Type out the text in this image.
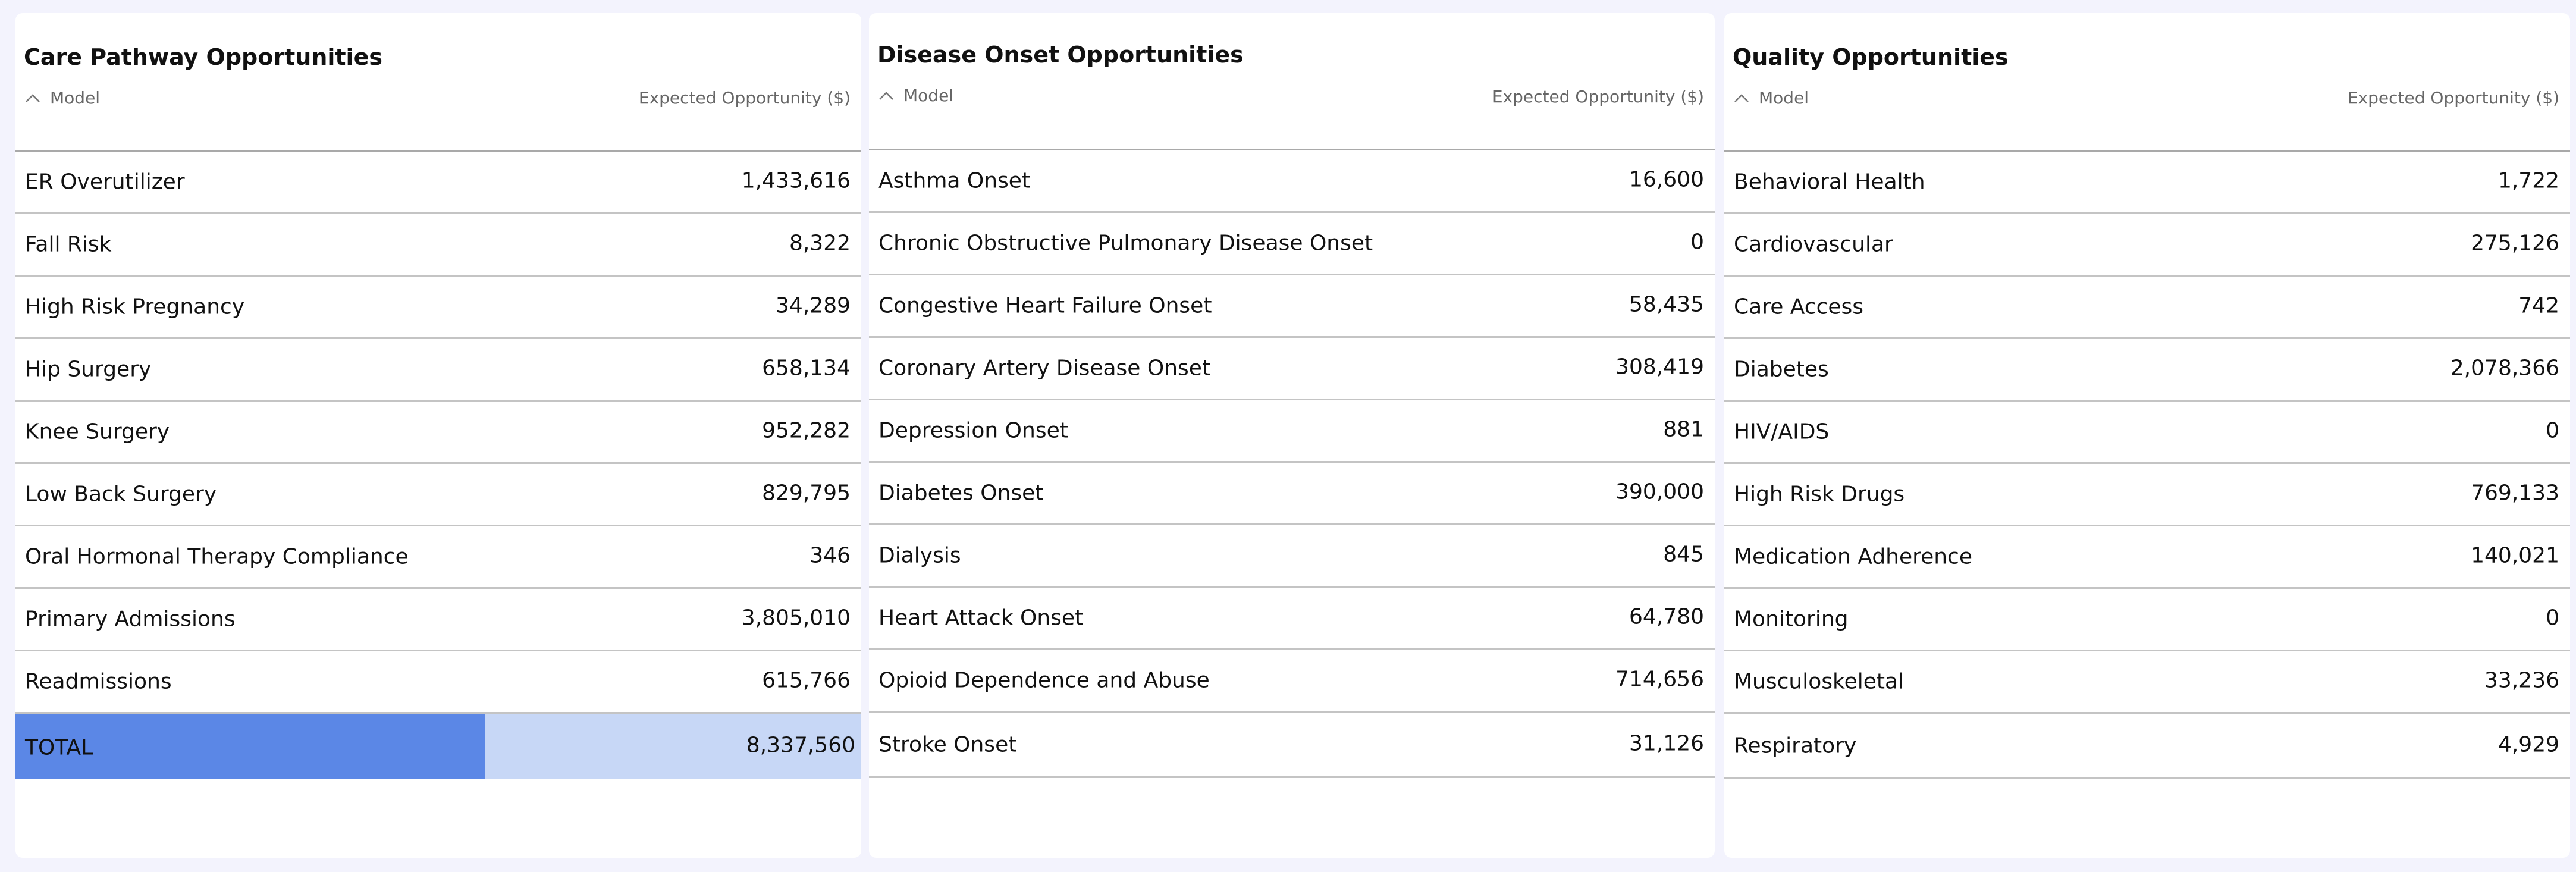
Care Pathway Opportunities
Model	Expected Opportunity ($)
ER Overutilizer	1,433,616
Fall Risk	8,322
High Risk Pregnancy	34,289
Hip Surgery	658,134
Knee Surgery	952,282
Low Back Surgery	829,795
Oral Hormonal Therapy Compliance	346
Primary Admissions	3,805,010
Readmissions	615,766
TOTAL	8,337,560
Disease Onset Opportunities
Model	Expected Opportunity ($)
Asthma Onset	16,600
Chronic Obstructive Pulmonary Disease Onset	0
Congestive Heart Failure Onset	58,435
Coronary Artery Disease Onset	308,419
Depression Onset	881
Diabetes Onset	390,000
Dialysis	845
Heart Attack Onset	64,780
Opioid Dependence and Abuse	714,656
Stroke Onset	31,126
Quality Opportunities
Model	Expected Opportunity ($)
Behavioral Health	1,722
Cardiovascular	275,126
Care Access	742
Diabetes	2,078,366
HIV/AIDS	0
High Risk Drugs	769,133
Medication Adherence	140,021
Monitoring	0
Musculoskeletal	33,236
Respiratory	4,929
